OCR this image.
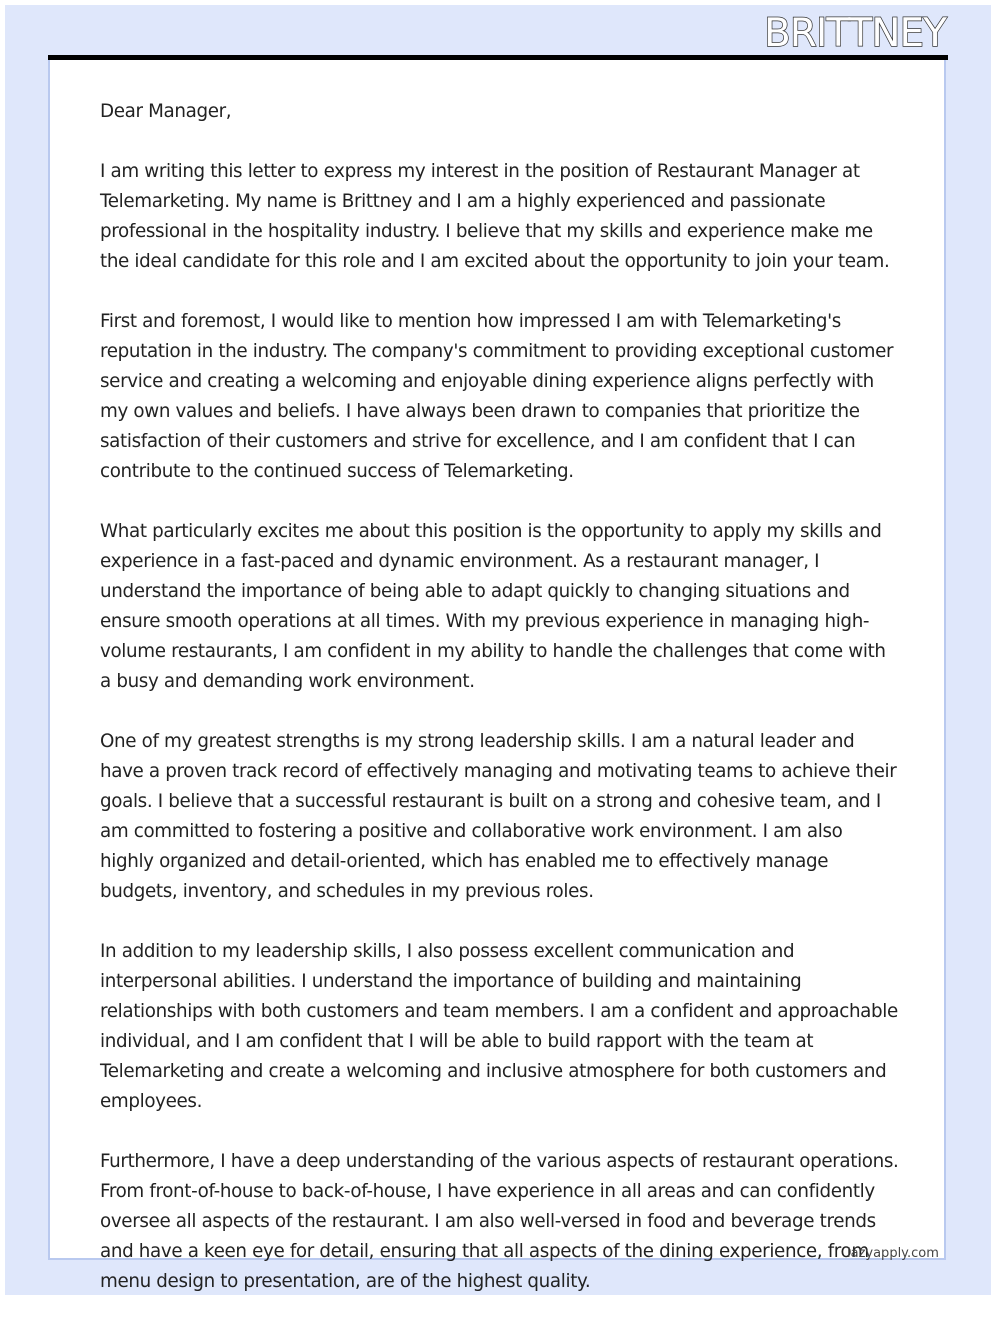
BRITTNEY

Dear Manager,

I am writing this letter to express my interest in the position of Restaurant Manager at Telemarketing. My name is Brittney and I am a highly experienced and passionate professional in the hospitality industry. I believe that my skills and experience make me the ideal candidate for this role and I am excited about the opportunity to join your team.

First and foremost, I would like to mention how impressed I am with Telemarketing's reputation in the industry. The company's commitment to providing exceptional customer service and creating a welcoming and enjoyable dining experience aligns perfectly with my own values and beliefs. I have always been drawn to companies that prioritize the satisfaction of their customers and strive for excellence, and I am confident that I can contribute to the continued success of Telemarketing.

What particularly excites me about this position is the opportunity to apply my skills and experience in a fast-paced and dynamic environment. As a restaurant manager, I understand the importance of being able to adapt quickly to changing situations and ensure smooth operations at all times. With my previous experience in managing high-volume restaurants, I am confident in my ability to handle the challenges that come with a busy and demanding work environment.

One of my greatest strengths is my strong leadership skills. I am a natural leader and have a proven track record of effectively managing and motivating teams to achieve their goals. I believe that a successful restaurant is built on a strong and cohesive team, and I am committed to fostering a positive and collaborative work environment. I am also highly organized and detail-oriented, which has enabled me to effectively manage budgets, inventory, and schedules in my previous roles.

In addition to my leadership skills, I also possess excellent communication and interpersonal abilities. I understand the importance of building and maintaining relationships with both customers and team members. I am a confident and approachable individual, and I am confident that I will be able to build rapport with the team at Telemarketing and create a welcoming and inclusive atmosphere for both customers and employees.

Furthermore, I have a deep understanding of the various aspects of restaurant operations. From front-of-house to back-of-house, I have experience in all areas and can confidently oversee all aspects of the restaurant. I am also well-versed in food and beverage trends and have a keen eye for detail, ensuring that all aspects of the dining experience, from menu design to presentation, are of the highest quality.

lazyapply.com
